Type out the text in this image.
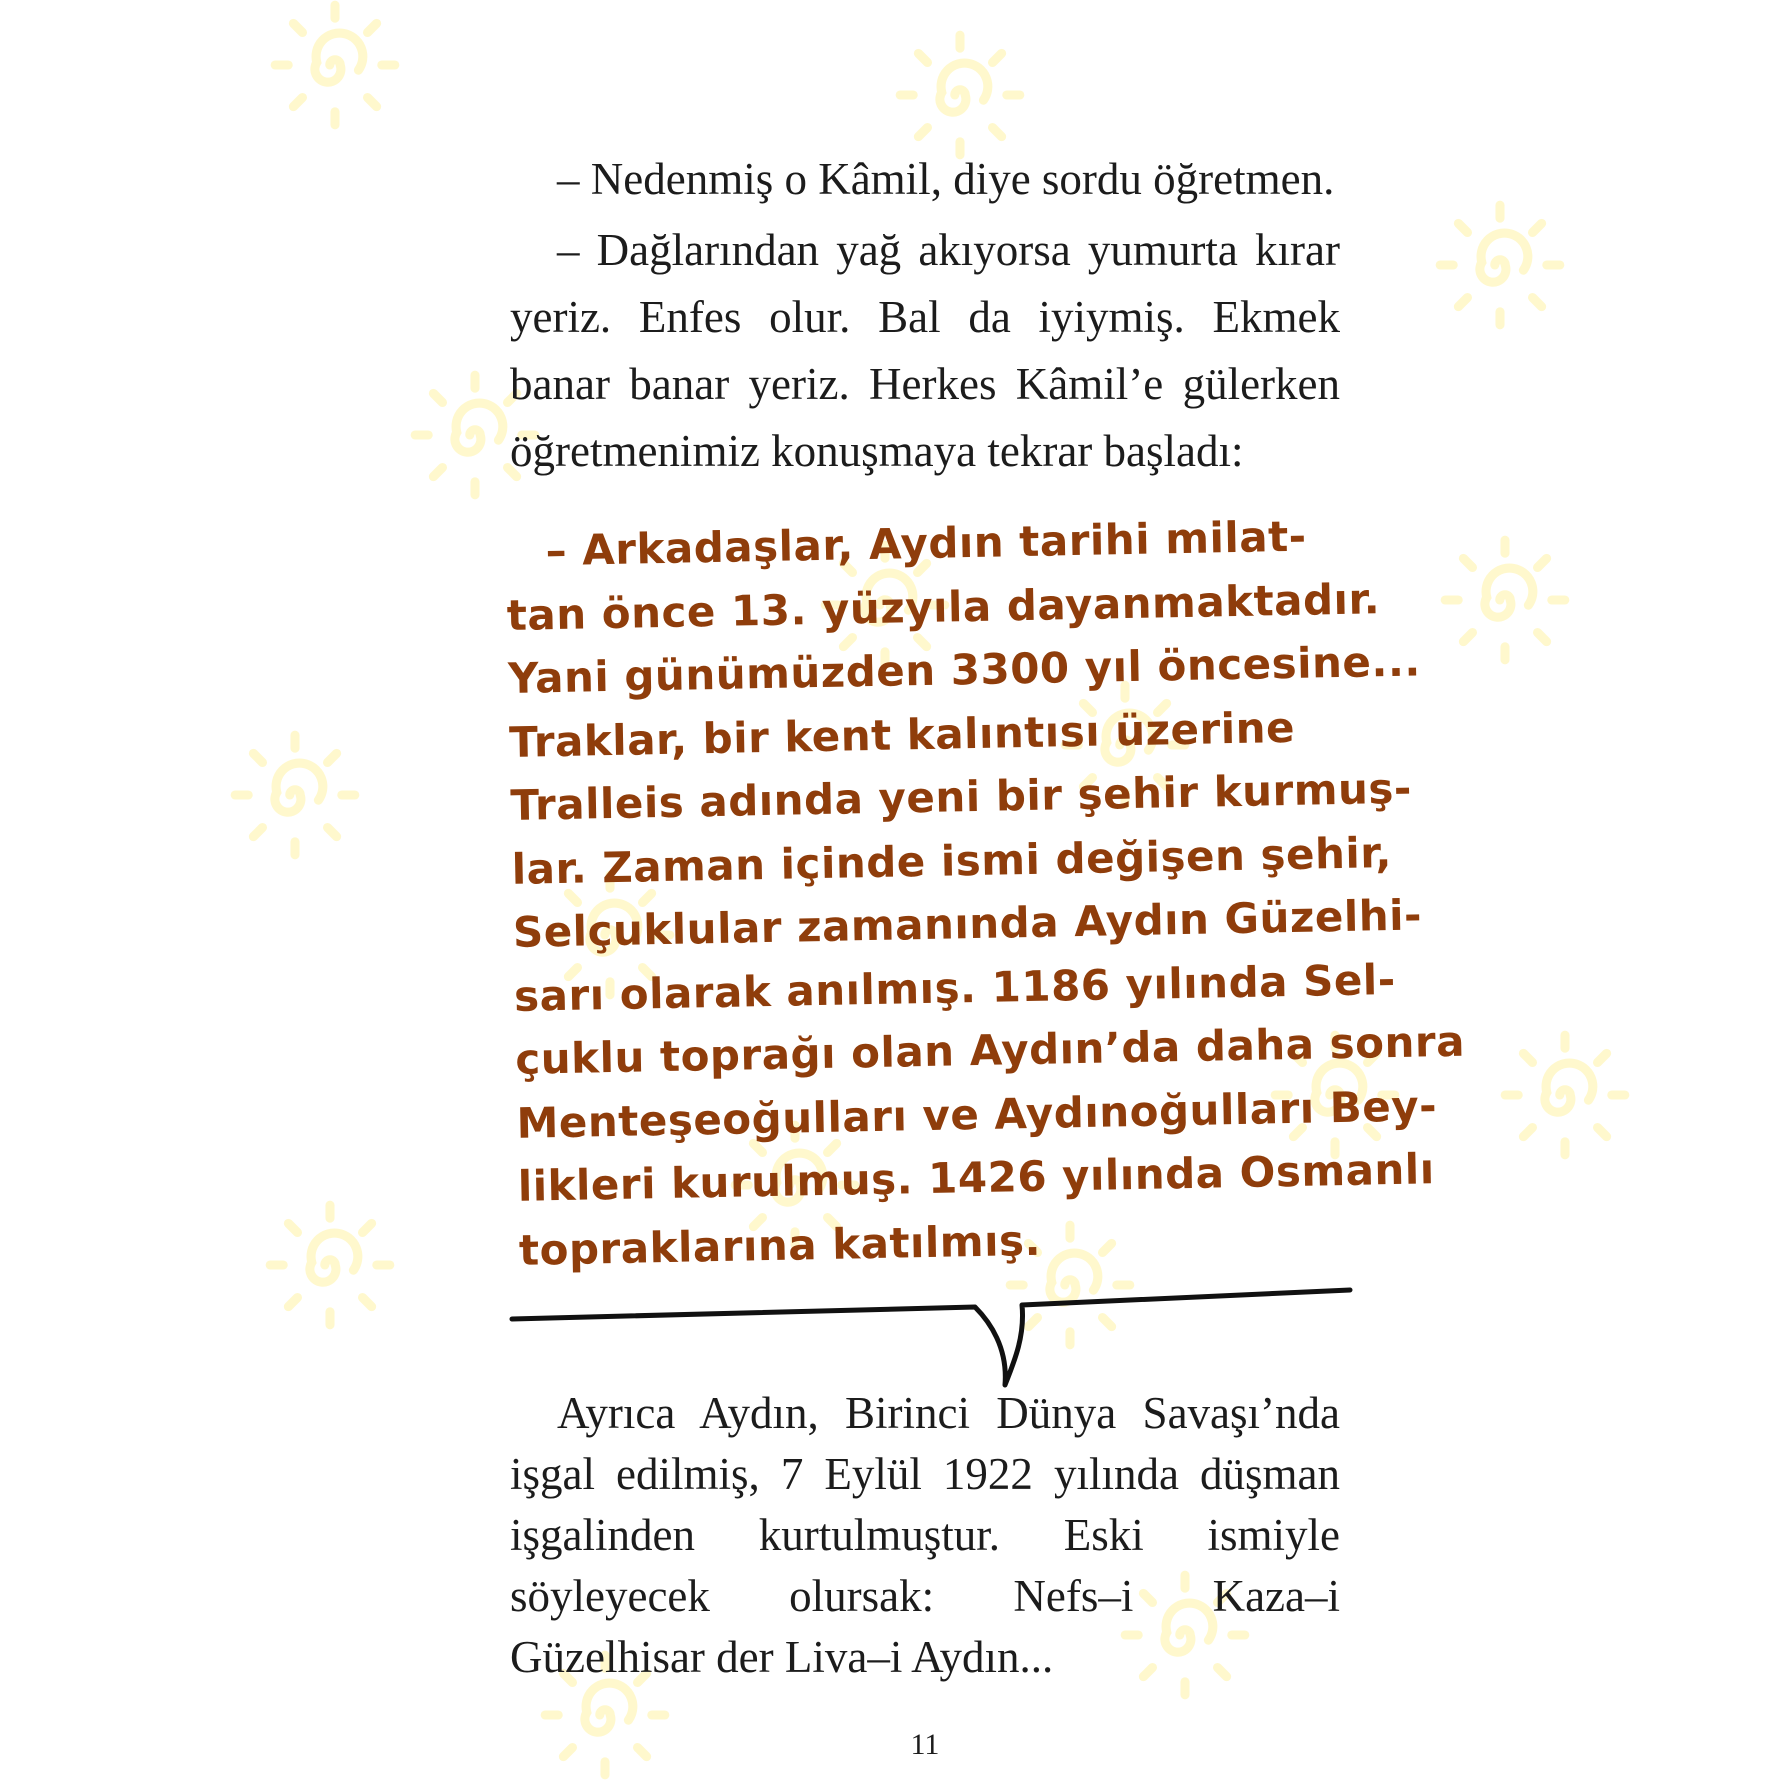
– Nedenmiş o Kâmil, diye sordu öğretmen.

– Dağlarından yağ akıyorsa yumurta kırar yeriz. Enfes olur. Bal da iyiymiş. Ekmek banar banar yeriz. Herkes Kâmil’e gülerken öğretmenimiz konuşmaya tekrar başladı:

– Arkadaşlar, Aydın tarihi milat-
tan önce 13. yüzyıla dayanmaktadır.
Yani günümüzden 3300 yıl öncesine...
Traklar, bir kent kalıntısı üzerine
Tralleis adında yeni bir şehir kurmuş-
lar. Zaman içinde ismi değişen şehir,
Selçuklular zamanında Aydın Güzelhi-
sarı olarak anılmış. 1186 yılında Sel-
çuklu toprağı olan Aydın’da daha sonra
Menteşeoğulları ve Aydınoğulları Bey-
likleri kurulmuş. 1426 yılında Osmanlı
topraklarına katılmış.

Ayrıca Aydın, Birinci Dünya Savaşı’nda işgal edilmiş, 7 Eylül 1922 yılında düşman işgalinden kurtulmuştur. Eski ismiyle söyleyecek olursak: Nefs–i Kaza–i Güzelhisar der Liva–i Aydın...

11
